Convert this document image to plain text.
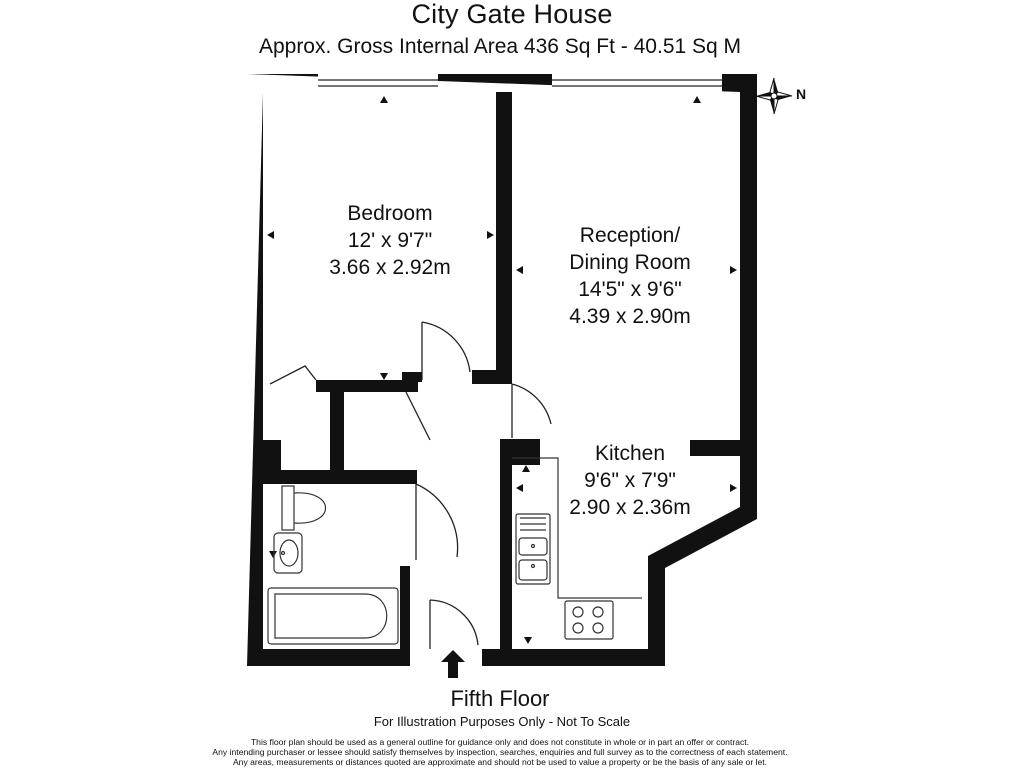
City Gate House
Approx. Gross Internal Area 436 Sq Ft - 40.51 Sq M
N
Bedroom
12' x 9'7"
3.66 x 2.92m
Reception/
Dining Room
14'5" x 9'6"
4.39 x 2.90m
Kitchen
9'6" x 7'9"
2.90 x 2.36m
Fifth Floor
For Illustration Purposes Only - Not To Scale
This floor plan should be used as a general outline for guidance only and does not constitute in whole or in part an offer or contract.
Any intending purchaser or lessee should satisfy themselves by inspection, searches, enquiries and full survey as to the correctness of each statement.
Any areas, measurements or distances quoted are approximate and should not be used to value a property or be the basis of any sale or let.
